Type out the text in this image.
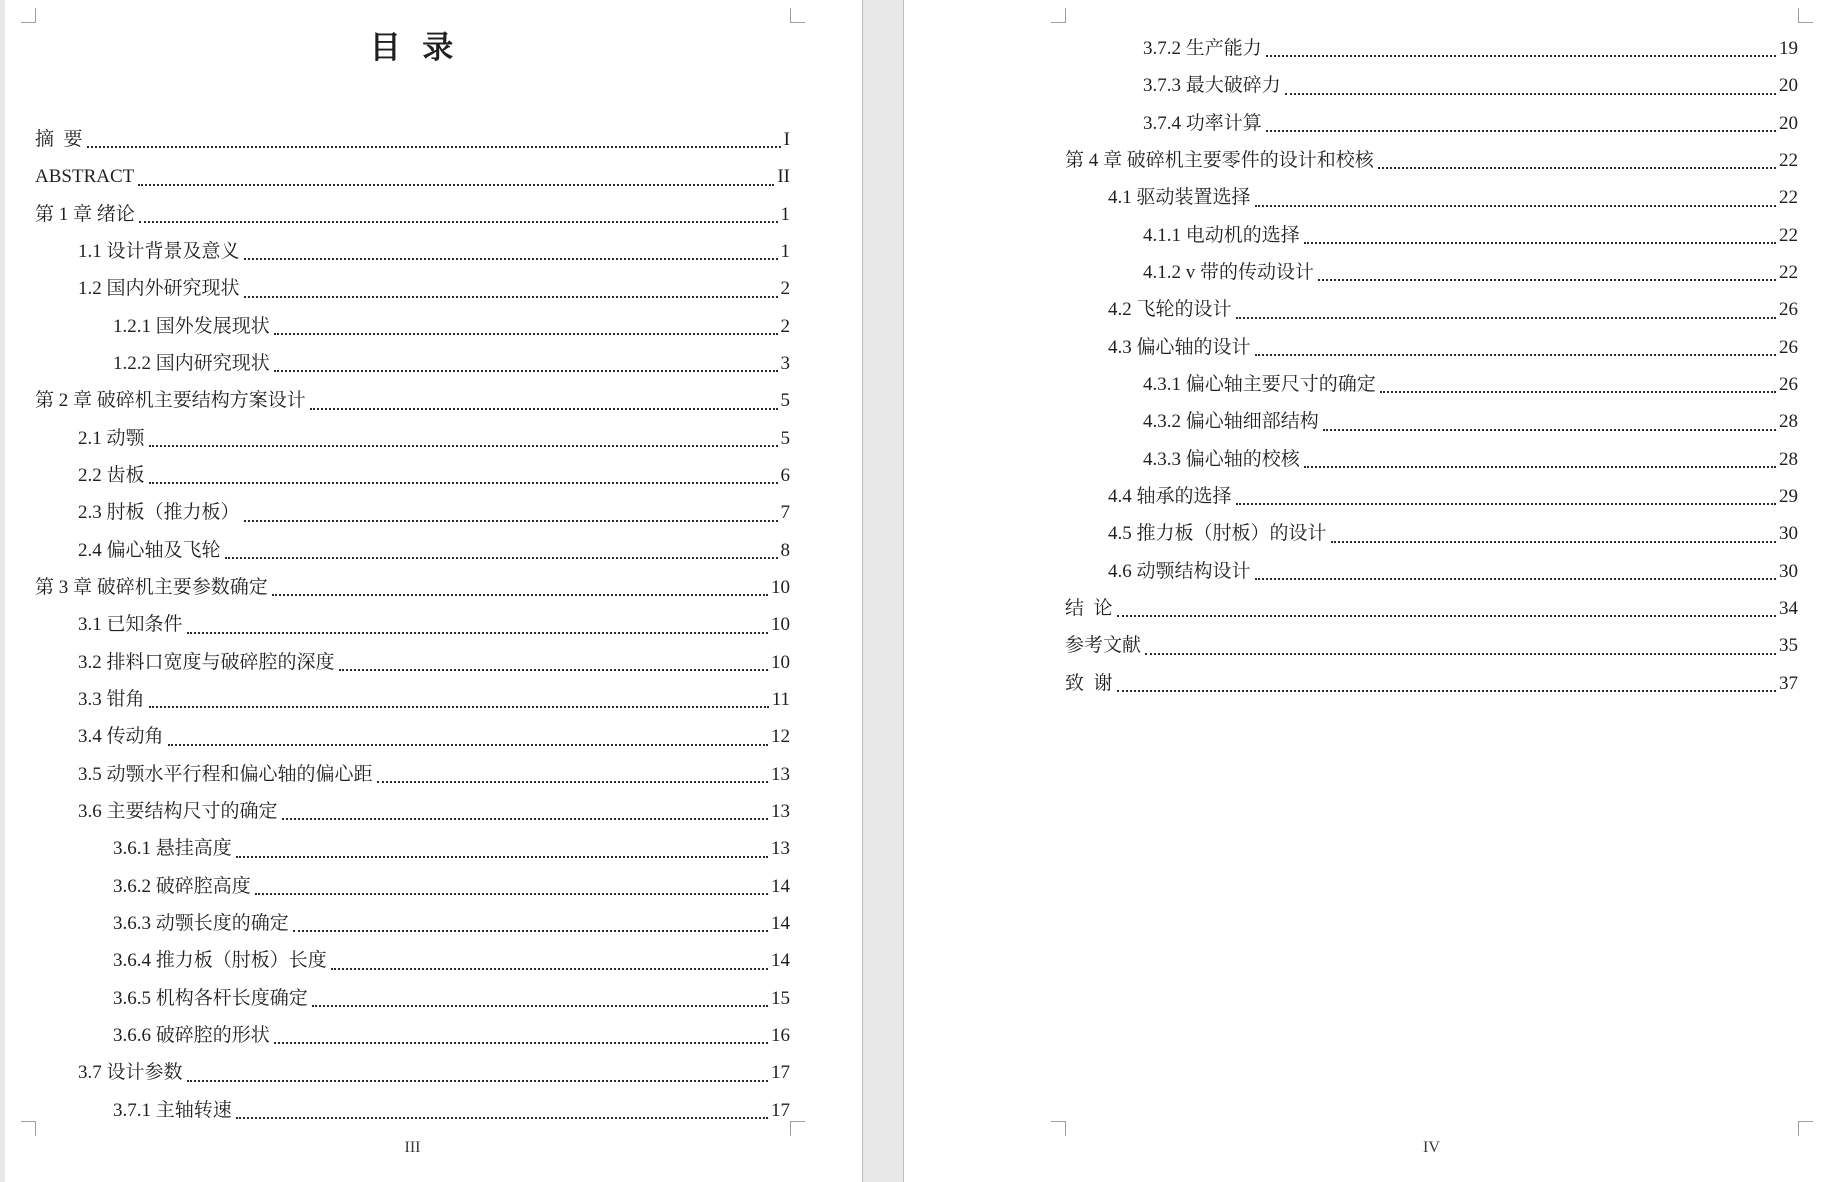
目  录
摘  要	I
ABSTRACT	II
第 1 章 绪论	1
1.1 设计背景及意义	1
1.2 国内外研究现状	2
1.2.1 国外发展现状	2
1.2.2 国内研究现状	3
第 2 章 破碎机主要结构方案设计	5
2.1 动颚	5
2.2 齿板	6
2.3 肘板（推力板）	7
2.4 偏心轴及飞轮	8
第 3 章 破碎机主要参数确定	10
3.1 已知条件	10
3.2 排料口宽度与破碎腔的深度	10
3.3 钳角	11
3.4 传动角	12
3.5 动颚水平行程和偏心轴的偏心距	13
3.6 主要结构尺寸的确定	13
3.6.1 悬挂高度	13
3.6.2 破碎腔高度	14
3.6.3 动颚长度的确定	14
3.6.4 推力板（肘板）长度	14
3.6.5 机构各杆长度确定	15
3.6.6 破碎腔的形状	16
3.7 设计参数	17
3.7.1 主轴转速	17
3.7.2 生产能力	19
3.7.3 最大破碎力	20
3.7.4 功率计算	20
第 4 章 破碎机主要零件的设计和校核	22
4.1 驱动装置选择	22
4.1.1 电动机的选择	22
4.1.2 v 带的传动设计	22
4.2 飞轮的设计	26
4.3 偏心轴的设计	26
4.3.1 偏心轴主要尺寸的确定	26
4.3.2 偏心轴细部结构	28
4.3.3 偏心轴的校核	28
4.4 轴承的选择	29
4.5 推力板（肘板）的设计	30
4.6 动颚结构设计	30
结  论	34
参考文献	35
致  谢	37
III	IV
